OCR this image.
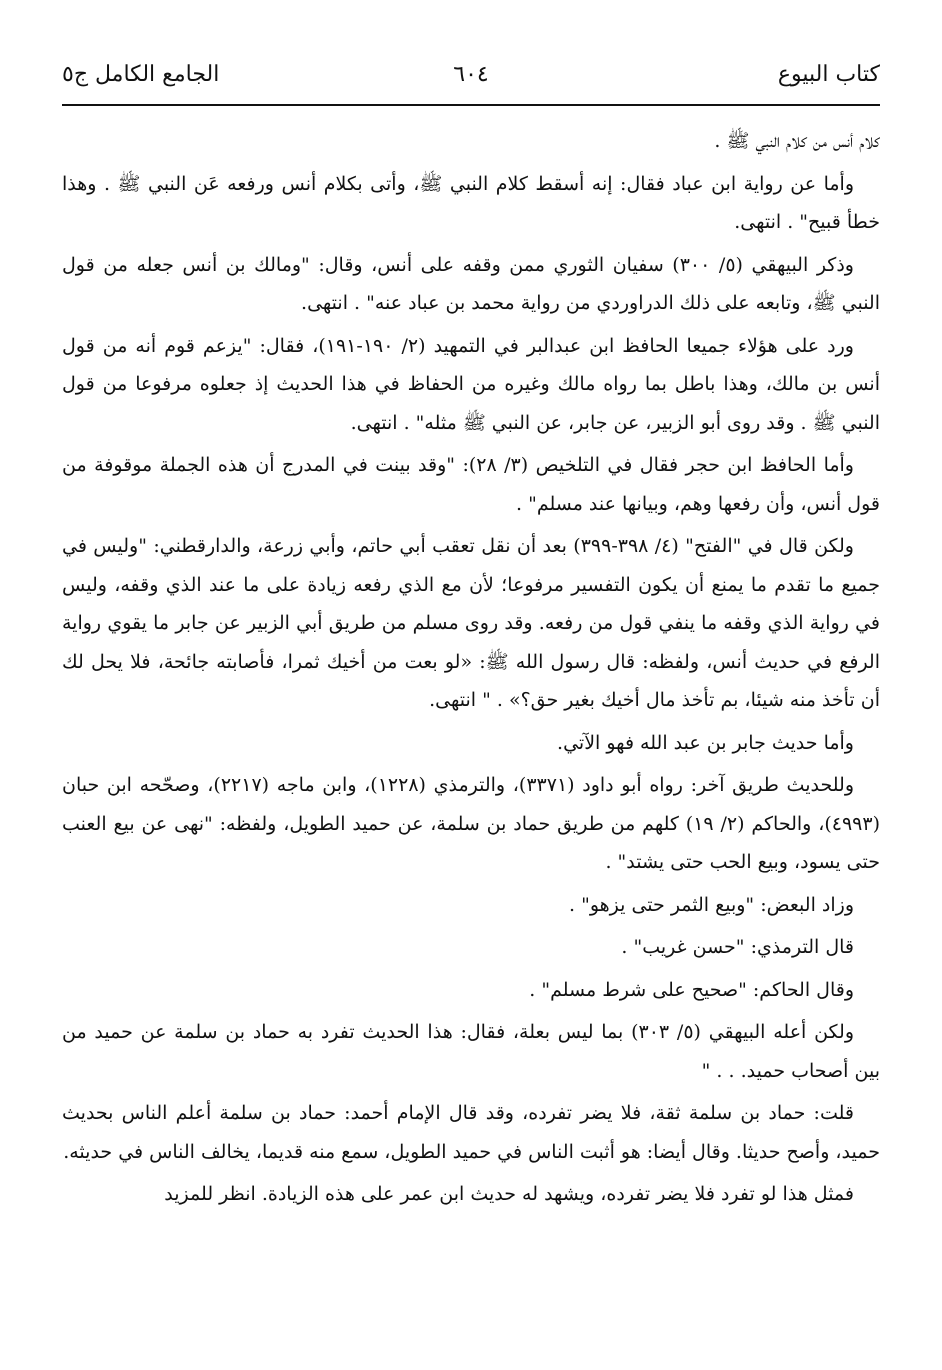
كتاب البيوع
٦٠٤
الجامع الكامل ج٥

كلام أنس من كلام النبي ﷺ .

وأما عن رواية ابن عباد فقال: إنه أسقط كلام النبي ﷺ، وأتى بكلام أنس ورفعه عَن النبي ﷺ . وهذا خطأ قبيح" . انتهى.

وذكر البيهقي (٥/ ٣٠٠) سفيان الثوري ممن وقفه على أنس، وقال: "ومالك بن أنس جعله من قول النبي ﷺ، وتابعه على ذلك الدراوردي من رواية محمد بن عباد عنه" . انتهى.

ورد على هؤلاء جميعا الحافظ ابن عبدالبر في التمهيد (٢/ ١٩٠-١٩١)، فقال: "يزعم قوم أنه من قول أنس بن مالك، وهذا باطل بما رواه مالك وغيره من الحفاظ في هذا الحديث إذ جعلوه مرفوعا من قول النبي ﷺ . وقد روى أبو الزبير، عن جابر، عن النبي ﷺ مثله" . انتهى.

وأما الحافظ ابن حجر فقال في التلخيص (٣/ ٢٨): "وقد بينت في المدرج أن هذه الجملة موقوفة من قول أنس، وأن رفعها وهم، وبيانها عند مسلم" .

ولكن قال في "الفتح" (٤/ ٣٩٨-٣٩٩) بعد أن نقل تعقب أبي حاتم، وأبي زرعة، والدارقطني: "وليس في جميع ما تقدم ما يمنع أن يكون التفسير مرفوعا؛ لأن مع الذي رفعه زيادة على ما عند الذي وقفه، وليس في رواية الذي وقفه ما ينفي قول من رفعه. وقد روى مسلم من طريق أبي الزبير عن جابر ما يقوي رواية الرفع في حديث أنس، ولفظه: قال رسول الله ﷺ: «لو بعت من أخيك ثمرا، فأصابته جائحة، فلا يحل لك أن تأخذ منه شيئا، بم تأخذ مال أخيك بغير حق؟» . " انتهى.

وأما حديث جابر بن عبد الله فهو الآتي.

وللحديث طريق آخر: رواه أبو داود (٣٣٧١)، والترمذي (١٢٢٨)، وابن ماجه (٢٢١٧)، وصحّحه ابن حبان (٤٩٩٣)، والحاكم (٢/ ١٩) كلهم من طريق حماد بن سلمة، عن حميد الطويل، ولفظه: "نهى عن بيع العنب حتى يسود، وبيع الحب حتى يشتد" .

وزاد البعض: "وبيع الثمر حتى يزهو" .

قال الترمذي: "حسن غريب" .

وقال الحاكم: "صحيح على شرط مسلم" .

ولكن أعله البيهقي (٥/ ٣٠٣) بما ليس بعلة، فقال: هذا الحديث تفرد به حماد بن سلمة عن حميد من بين أصحاب حميد. . . "

قلت: حماد بن سلمة ثقة، فلا يضر تفرده، وقد قال الإمام أحمد: حماد بن سلمة أعلم الناس بحديث حميد، وأصح حديثا. وقال أيضا: هو أثبت الناس في حميد الطويل، سمع منه قديما، يخالف الناس في حديثه.

فمثل هذا لو تفرد فلا يضر تفرده، ويشهد له حديث ابن عمر على هذه الزيادة. انظر للمزيد
